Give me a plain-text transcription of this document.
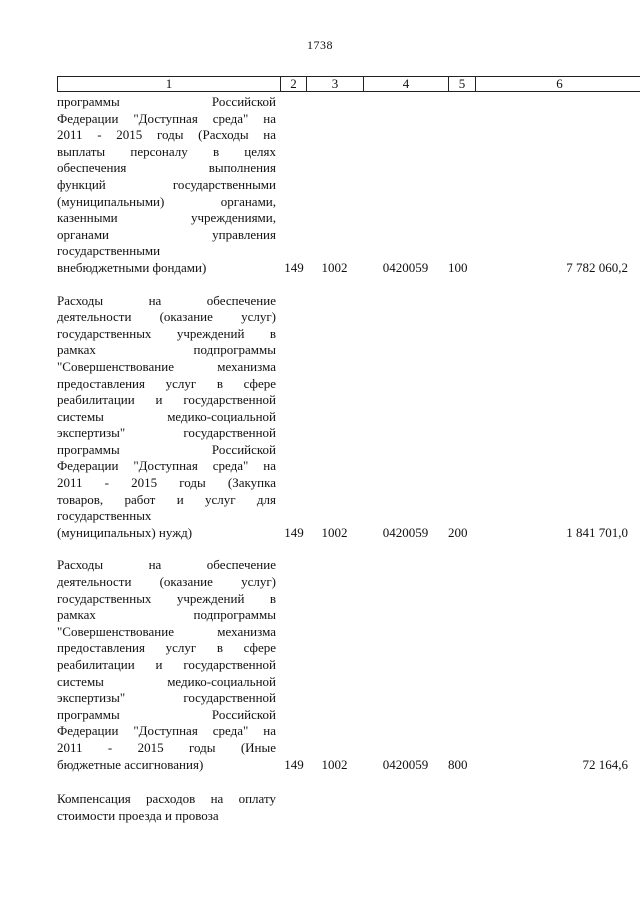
1738
1	2	3	4	5	6
программы Российской
Федерации "Доступная среда" на
2011 - 2015 годы (Расходы на
выплаты персоналу в целях
обеспечения выполнения
функций государственными
(муниципальными) органами,
казенными учреждениями,
органами управления
государственными
внебюджетными фондами)	149	1002	0420059	100	7 782 060,2
Расходы на обеспечение
деятельности (оказание услуг)
государственных учреждений в
рамках подпрограммы
"Совершенствование механизма
предоставления услуг в сфере
реабилитации и государственной
системы медико-социальной
экспертизы" государственной
программы Российской
Федерации "Доступная среда" на
2011 - 2015 годы (Закупка
товаров, работ и услуг для
государственных
(муниципальных) нужд)	149	1002	0420059	200	1 841 701,0
Расходы на обеспечение
деятельности (оказание услуг)
государственных учреждений в
рамках подпрограммы
"Совершенствование механизма
предоставления услуг в сфере
реабилитации и государственной
системы медико-социальной
экспертизы" государственной
программы Российской
Федерации "Доступная среда" на
2011 - 2015 годы (Иные
бюджетные ассигнования)	149	1002	0420059	800	72 164,6
Компенсация расходов на оплату
стоимости проезда и провоза
